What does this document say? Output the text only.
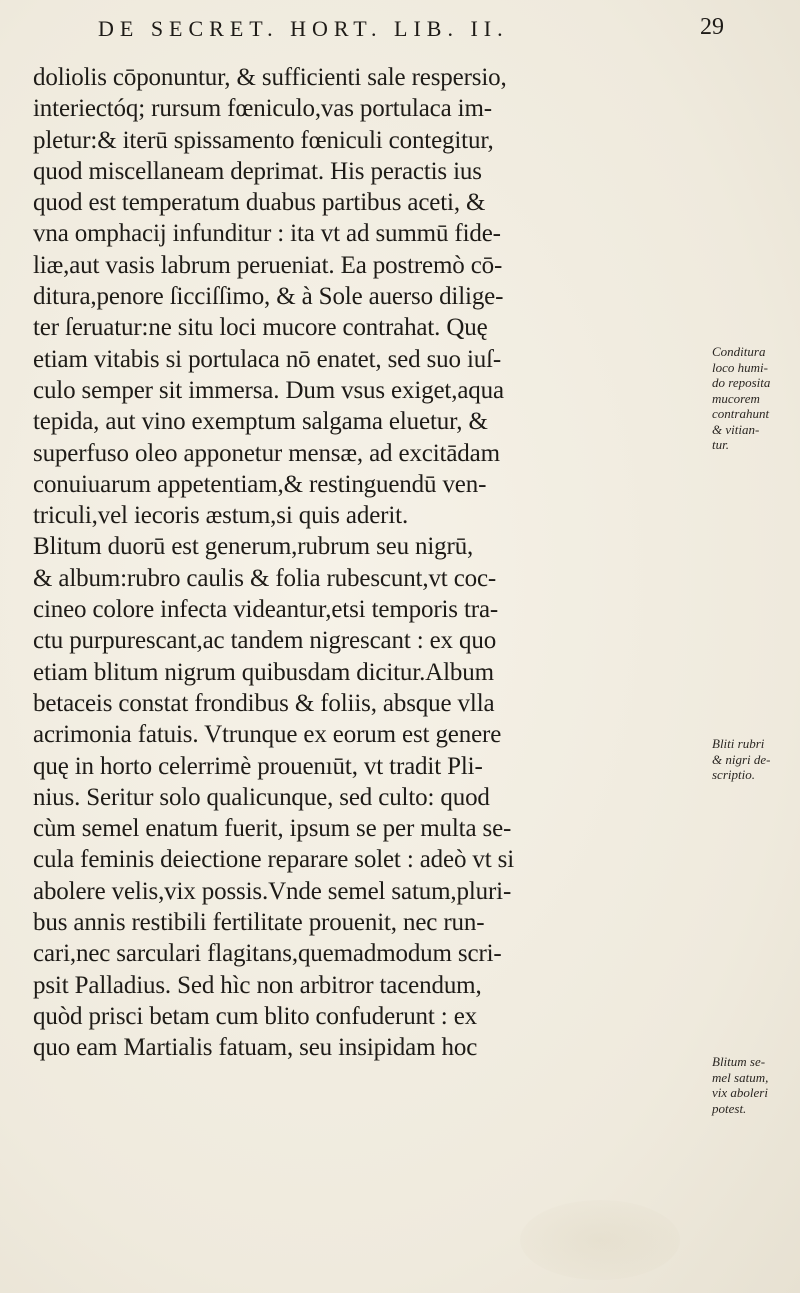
DE SECRET. HORT. LIB. II.	29
doliolis cōponuntur, & sufficienti sale respersio,
interiectóq; rursum fœniculo,vas portulaca im-
pletur:& iterū spissamento fœniculi contegitur,
quod miscellaneam deprimat. His peractis ius
quod est temperatum duabus partibus aceti, &
vna omphacij infunditur : ita vt ad summū fide-
liæ,aut vasis labrum perueniat. Ea postremò cō-
ditura,penore ſicciſſimo, & à Sole auerso dilige-
ter ſeruatur:ne situ loci mucore contrahat. Quę
etiam vitabis si portulaca nō enatet, sed suo iuſ-
culo semper sit immersa. Dum vsus exiget,aqua
tepida, aut vino exemptum salgama eluetur, &
superfuso oleo apponetur mensæ, ad excitādam
conuiuarum appetentiam,& restinguendū ven-
triculi,vel iecoris æstum,si quis aderit.
Blitum duorū est generum,rubrum seu nigrū,
& album:rubro caulis & folia rubescunt,vt coc-
cineo colore infecta videantur,etsi temporis tra-
ctu purpurescant,ac tandem nigrescant : ex quo
etiam blitum nigrum quibusdam dicitur.Album
betaceis constat frondibus & foliis, absque vlla
acrimonia fatuis. Vtrunque ex eorum est genere
quę in horto celerrimè prouenıūt, vt tradit Pli-
nius. Seritur solo qualicunque, sed culto: quod
cùm semel enatum fuerit, ipsum se per multa se-
cula feminis deiectione reparare solet : adeò vt si
abolere velis,vix possis.Vnde semel satum,pluri-
bus annis restibili fertilitate prouenit, nec run-
cari,nec sarculari flagitans,quemadmodum scri-
psit Palladius. Sed hìc non arbitror tacendum,
quòd prisci betam cum blito confuderunt : ex
quo eam Martialis fatuam, seu insipidam hoc
Conditura
loco humi-
do reposita
mucorem
contrahunt
& vitian-
tur.
Bliti rubri
& nigri de-
scriptio.
Blitum se-
mel satum,
vix aboleri
potest.
